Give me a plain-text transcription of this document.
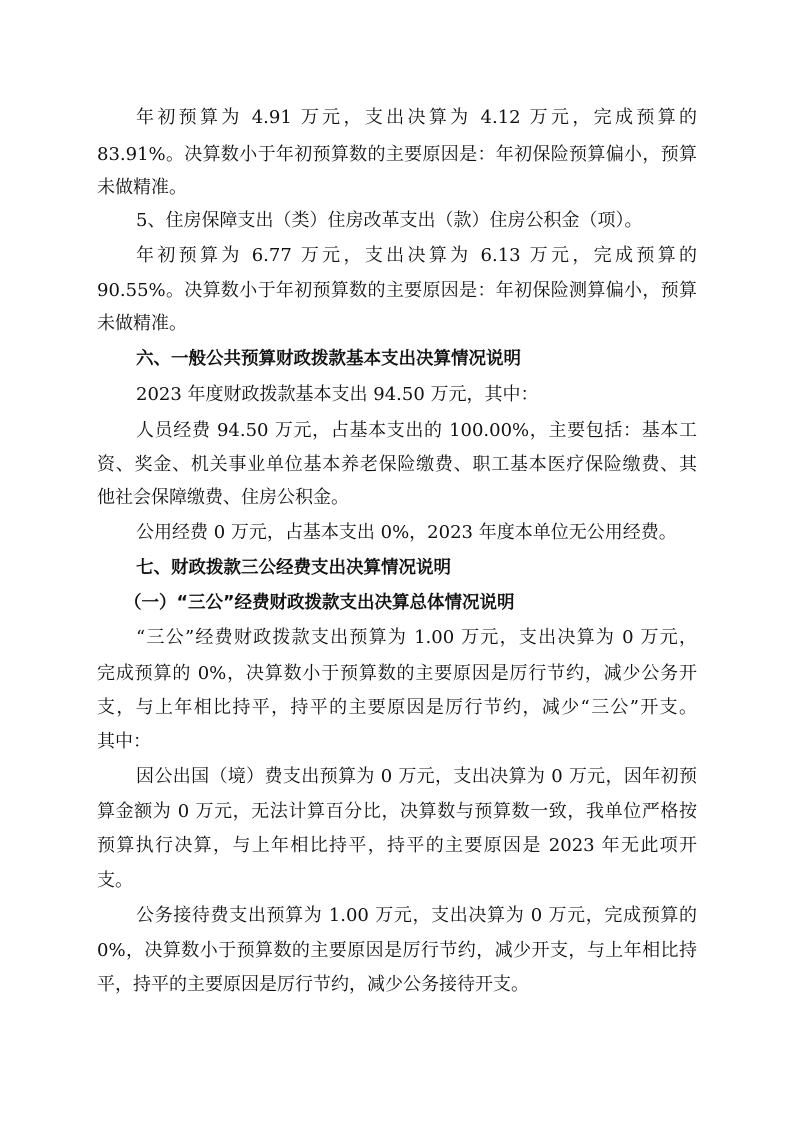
年初预算为 4.91 万元，支出决算为 4.12 万元，完成预算的
83.91%。决算数小于年初预算数的主要原因是：年初保险预算偏小，预算
未做精准。
5、住房保障支出（类）住房改革支出（款）住房公积金（项）。
年初预算为 6.77 万元，支出决算为 6.13 万元，完成预算的
90.55%。决算数小于年初预算数的主要原因是：年初保险测算偏小，预算
未做精准。
六、一般公共预算财政拨款基本支出决算情况说明
2023 年度财政拨款基本支出 94.50 万元，其中：
人员经费 94.50 万元，占基本支出的 100.00%，主要包括：基本工
资、奖金、机关事业单位基本养老保险缴费、职工基本医疗保险缴费、其
他社会保障缴费、住房公积金。
公用经费 0 万元，占基本支出 0%，2023 年度本单位无公用经费。
七、财政拨款三公经费支出决算情况说明
（一）“三公”经费财政拨款支出决算总体情况说明
“三公”经费财政拨款支出预算为 1.00 万元，支出决算为 0 万元，
完成预算的 0%，决算数小于预算数的主要原因是厉行节约，减少公务开
支，与上年相比持平，持平的主要原因是厉行节约，减少“三公”开支。
其中：
因公出国（境）费支出预算为 0 万元，支出决算为 0 万元，因年初预
算金额为 0 万元，无法计算百分比，决算数与预算数一致，我单位严格按
预算执行决算，与上年相比持平，持平的主要原因是 2023 年无此项开
支。
公务接待费支出预算为 1.00 万元，支出决算为 0 万元，完成预算的
0%，决算数小于预算数的主要原因是厉行节约，减少开支，与上年相比持
平，持平的主要原因是厉行节约，减少公务接待开支。
